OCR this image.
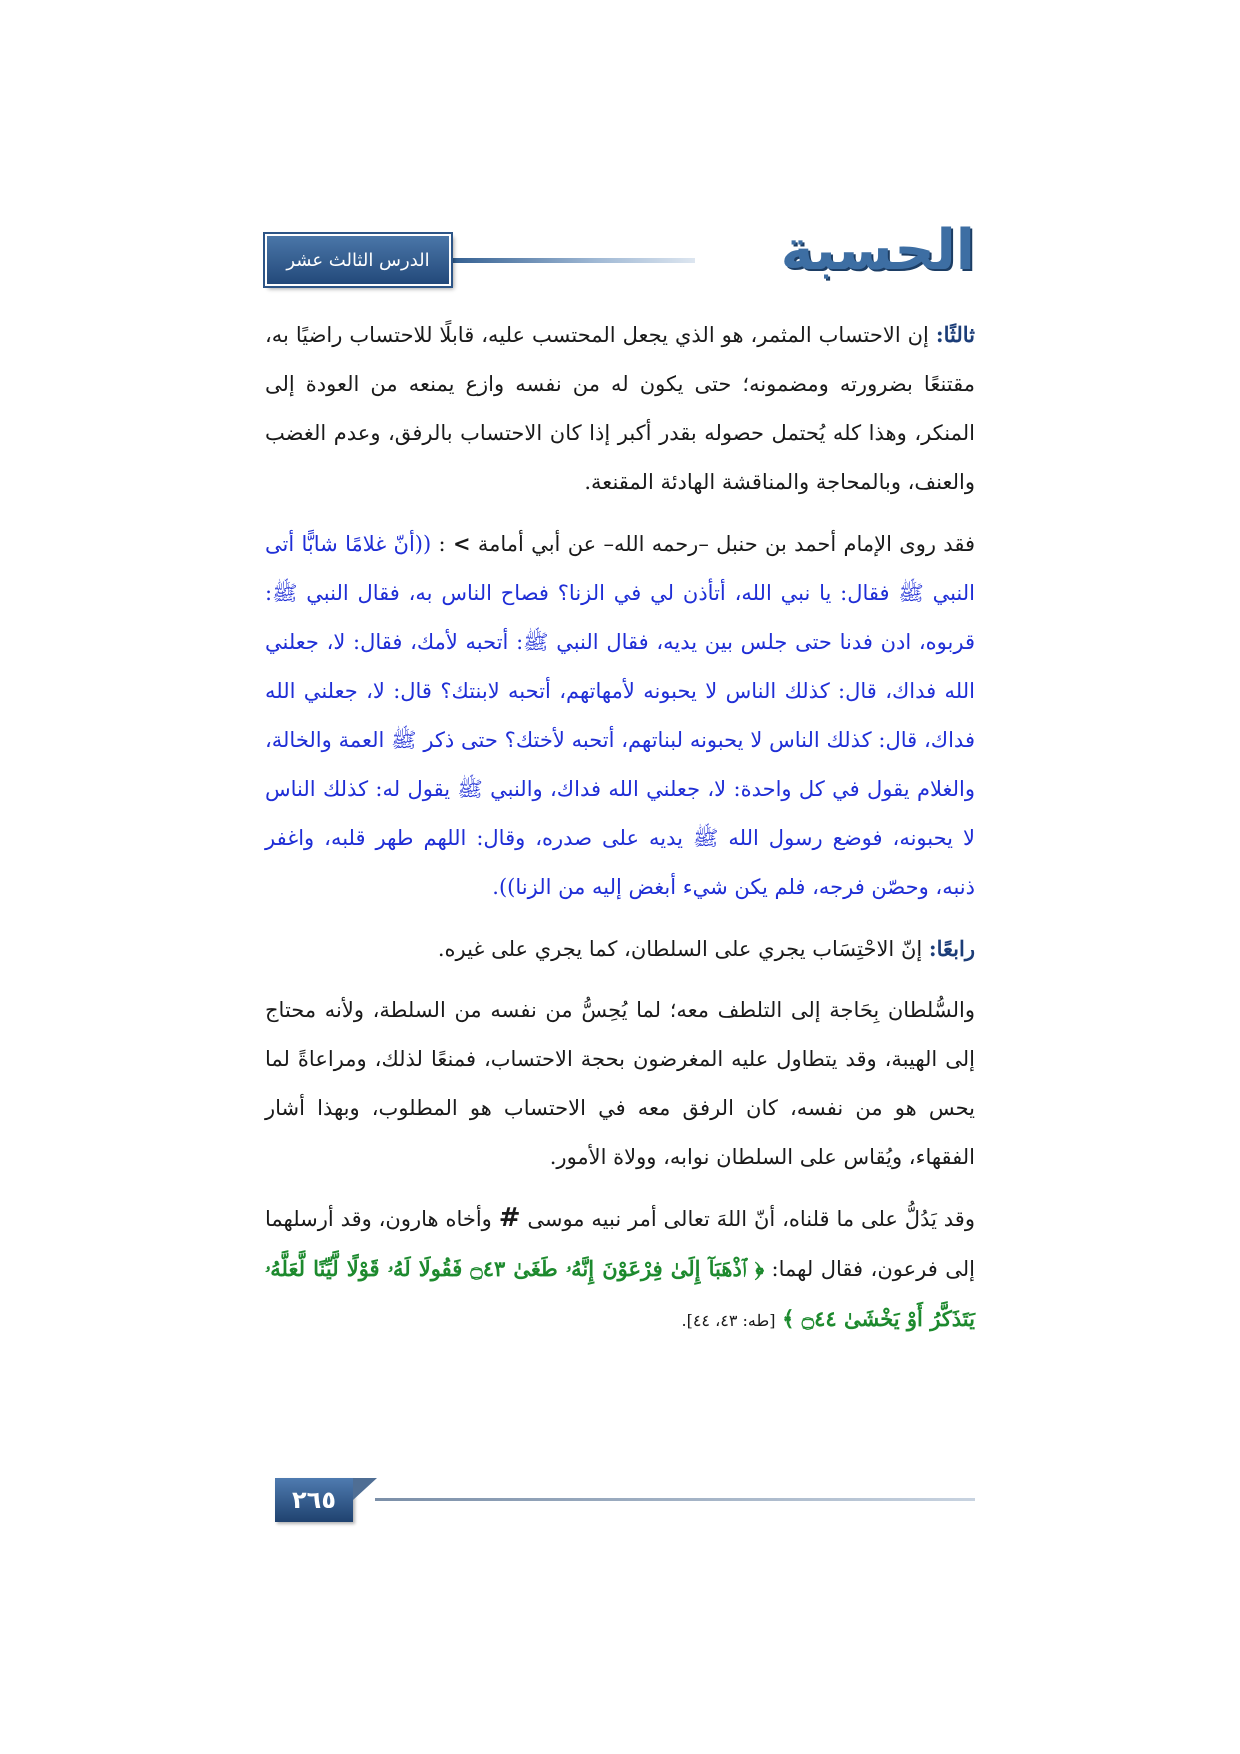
الدرس الثالث عشر	الحسبة

ثالثًا: إن الاحتساب المثمر، هو الذي يجعل المحتسب عليه، قابلًا للاحتساب راضيًا به، مقتنعًا بضرورته ومضمونه؛ حتى يكون له من نفسه وازع يمنعه من العودة إلى المنكر، وهذا كله يُحتمل حصوله بقدر أكبر إذا كان الاحتساب بالرفق، وعدم الغضب والعنف، وبالمحاجة والمناقشة الهادئة المقنعة.

فقد روى الإمام أحمد بن حنبل –رحمه الله– عن أبي أمامة > : ((أنّ غلامًا شابًّا أتى النبي ﷺ فقال: يا نبي الله، أتأذن لي في الزنا؟ فصاح الناس به، فقال النبي ﷺ: قربوه، ادن فدنا حتى جلس بين يديه، فقال النبي ﷺ: أتحبه لأمك، فقال: لا، جعلني الله فداك، قال: كذلك الناس لا يحبونه لأمهاتهم، أتحبه لابنتك؟ قال: لا، جعلني الله فداك، قال: كذلك الناس لا يحبونه لبناتهم، أتحبه لأختك؟ حتى ذكر ﷺ العمة والخالة، والغلام يقول في كل واحدة: لا، جعلني الله فداك، والنبي ﷺ يقول له: كذلك الناس لا يحبونه، فوضع رسول الله ﷺ يديه على صدره، وقال: اللهم طهر قلبه، واغفر ذنبه، وحصّن فرجه، فلم يكن شيء أبغض إليه من الزنا)).

رابعًا: إنّ الاحْتِسَاب يجري على السلطان، كما يجري على غيره.

والسُّلطان بِحَاجة إلى التلطف معه؛ لما يُحِسُّ من نفسه من السلطة، ولأنه محتاج إلى الهيبة، وقد يتطاول عليه المغرضون بحجة الاحتساب، فمنعًا لذلك، ومراعاةً لما يحس هو من نفسه، كان الرفق معه في الاحتساب هو المطلوب، وبهذا أشار الفقهاء، ويُقاس على السلطان نوابه، وولاة الأمور.

وقد يَدُلُّ على ما قلناه، أنّ اللهَ تعالى أمر نبيه موسى # وأخاه هارون، وقد أرسلهما إلى فرعون، فقال لهما: ﴿ ٱذْهَبَآ إِلَىٰ فِرْعَوْنَ إِنَّهُۥ طَغَىٰ ۝٤٣ فَقُولَا لَهُۥ قَوْلًا لَّيِّنًا لَّعَلَّهُۥ يَتَذَكَّرُ أَوْ يَخْشَىٰ ۝٤٤ ﴾ [طه: ٤٣، ٤٤].

٢٦٥
